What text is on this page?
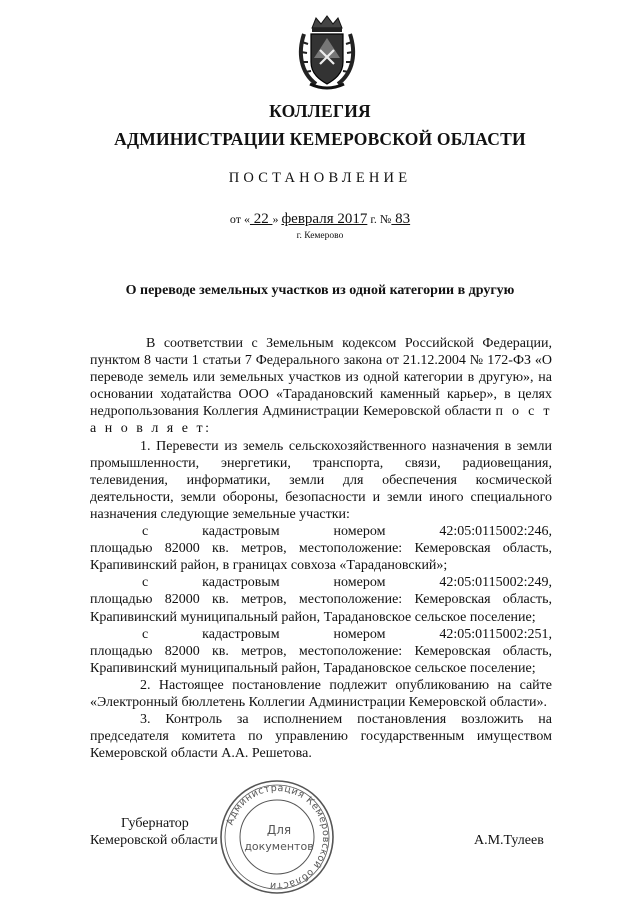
КОЛЛЕГИЯ
АДМИНИСТРАЦИИ КЕМЕРОВСКОЙ ОБЛАСТИ
ПОСТАНОВЛЕНИЕ
от « 22 » февраля 2017 г. № 83
г. Кемерово
О переводе земельных участков из одной категории в другую

В соответствии с Земельным кодексом Российской Федерации, пунктом 8 части 1 статьи 7 Федерального закона от 21.12.2004 № 172-ФЗ «О переводе земель или земельных участков из одной категории в другую», на основании ходатайства ООО «Тарадановский каменный карьер», в целях недропользования Коллегия Администрации Кемеровской области п о с т а н о в л я е т:

1. Перевести из земель сельскохозяйственного назначения в земли промышленности, энергетики, транспорта, связи, радиовещания, телевидения, информатики, земли для обеспечения космической деятельности, земли обороны, безопасности и земли иного специального назначения следующие земельные участки:

с	кадастровым	номером	42:05:0115002:246,

площадью 82000 кв. метров, местоположение: Кемеровская область, Крапивинский район, в границах совхоза «Тарадановский»;

с	кадастровым	номером	42:05:0115002:249,

площадью 82000 кв. метров, местоположение: Кемеровская область, Крапивинский муниципальный район, Тарадановское сельское поселение;

с	кадастровым	номером	42:05:0115002:251,

площадью 82000 кв. метров, местоположение: Кемеровская область, Крапивинский муниципальный район, Тарадановское сельское поселение;

2. Настоящее постановление подлежит опубликованию на сайте «Электронный бюллетень Коллегии Администрации Кемеровской области».

3. Контроль за исполнением постановления возложить на председателя комитета по управлению государственным имуществом Кемеровской области А.А. Решетова.

Губернатор
Кемеровской области	А.М.Тулеев
Администрация Кемеровской области
Для
документов
